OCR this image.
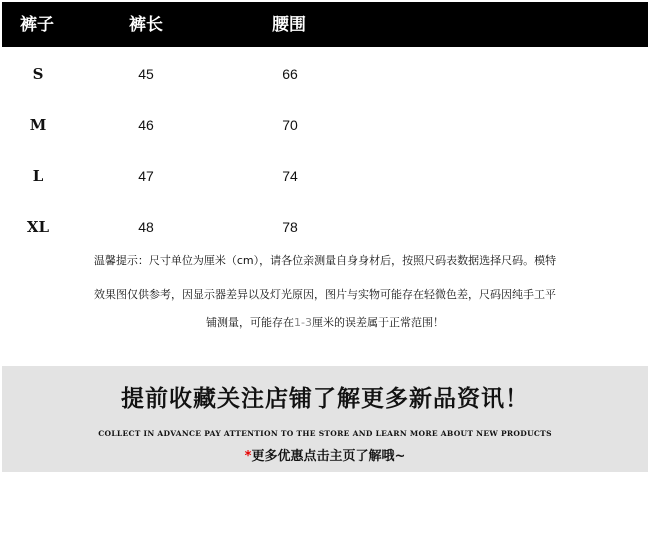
裤子	裤长	腰围
S	45	66
M	46	70
L	47	74
XL	48	78
温馨提示：尺寸单位为厘米（cm），请各位亲测量自身身材后，按照尺码表数据选择尺码。模特
效果图仅供参考，因显示器差异以及灯光原因，图片与实物可能存在轻微色差，尺码因纯手工平
铺测量，可能存在1-3厘米的误差属于正常范围！
提前收藏关注店铺了解更多新品资讯！
COLLECT IN ADVANCE PAY ATTENTION TO THE STORE AND LEARN MORE ABOUT NEW PRODUCTS
*更多优惠点击主页了解哦~
